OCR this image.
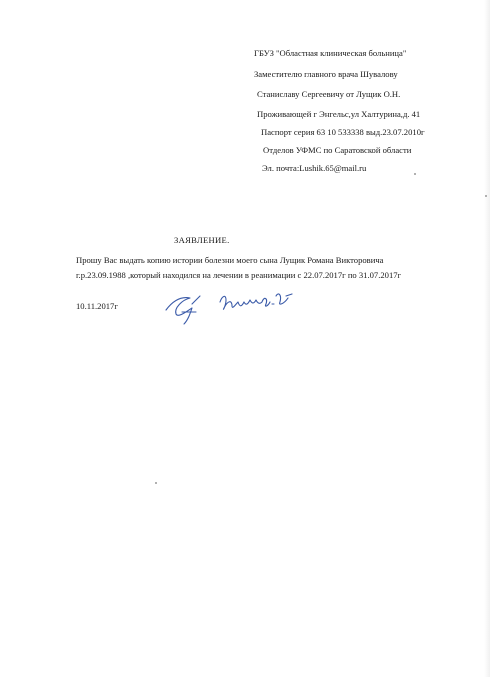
ГБУЗ "Областная клиническая больница"
Заместителю главного врача Шувалову
Станиславу Сергеевичу от Лущик О.Н.
Проживающей г Энгельс,ул Халтурина,д. 41
Паспорт серия 63 10 533338 выд.23.07.2010г
Отделов УФМС по Саратовской области
Эл. почта:Lushik.65@mail.ru
ЗАЯВЛЕНИЕ.
Прошу Вас выдать копию истории болезни моего сына Лущик Романа Викторовича
г.р.23.09.1988 ,который находился на лечении в реанимации с 22.07.2017г по 31.07.2017г
10.11.2017г
